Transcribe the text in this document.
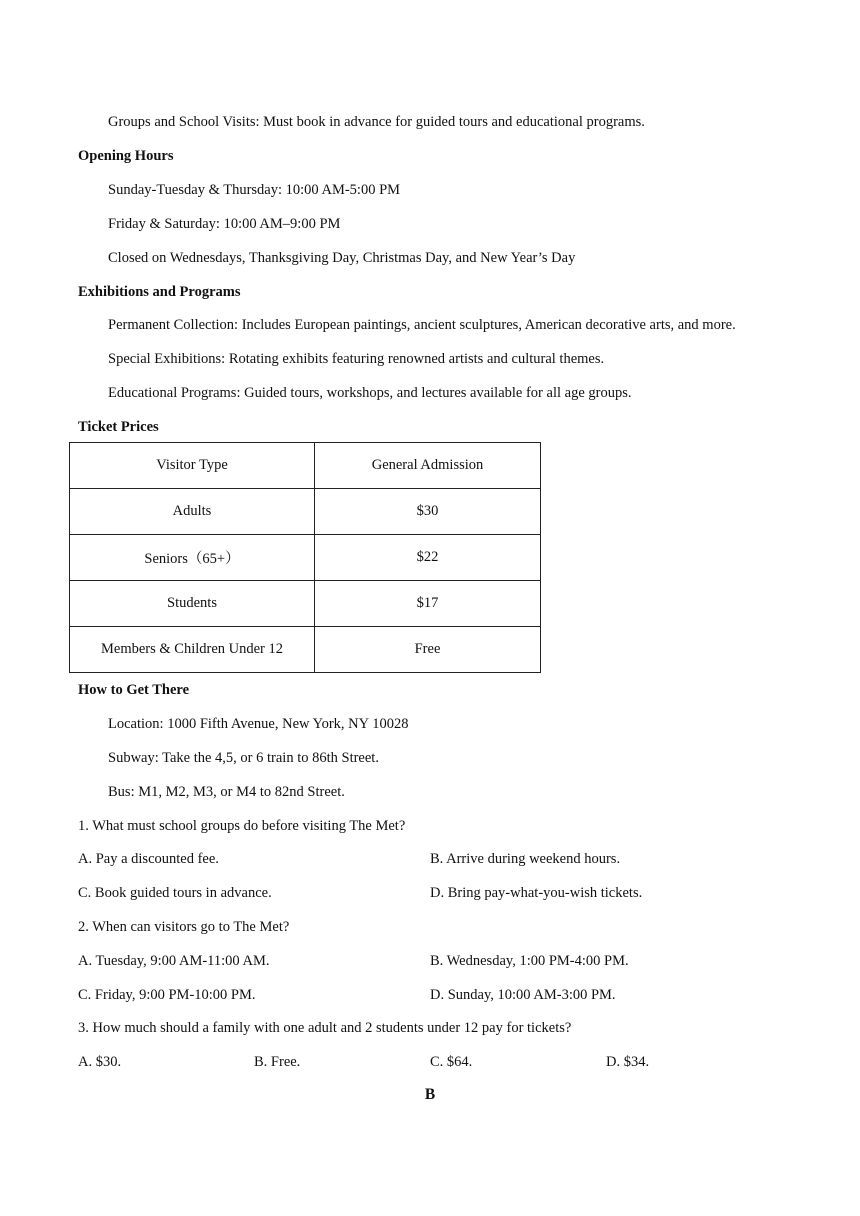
Groups and School Visits: Must book in advance for guided tours and educational programs.
Opening Hours
Sunday-Tuesday & Thursday: 10:00 AM-5:00 PM
Friday & Saturday: 10:00 AM–9:00 PM
Closed on Wednesdays, Thanksgiving Day, Christmas Day, and New Year’s Day
Exhibitions and Programs
Permanent Collection: Includes European paintings, ancient sculptures, American decorative arts, and more.
Special Exhibitions: Rotating exhibits featuring renowned artists and cultural themes.
Educational Programs: Guided tours, workshops, and lectures available for all age groups.
Ticket Prices
Visitor Type	General Admission
Adults	$30
Seniors（65+）	$22
Students	$17
Members & Children Under 12	Free
How to Get There
Location: 1000 Fifth Avenue, New York, NY 10028
Subway: Take the 4,5, or 6 train to 86th Street.
Bus: M1, M2, M3, or M4 to 82nd Street.
1. What must school groups do before visiting The Met?
A. Pay a discounted fee.	B. Arrive during weekend hours.
C. Book guided tours in advance.	D. Bring pay-what-you-wish tickets.
2. When can visitors go to The Met?
A. Tuesday, 9:00 AM-11:00 AM.	B. Wednesday, 1:00 PM-4:00 PM.
C. Friday, 9:00 PM-10:00 PM.	D. Sunday, 10:00 AM-3:00 PM.
3. How much should a family with one adult and 2 students under 12 pay for tickets?
A. $30.	B. Free.	C. $64.	D. $34.
B
